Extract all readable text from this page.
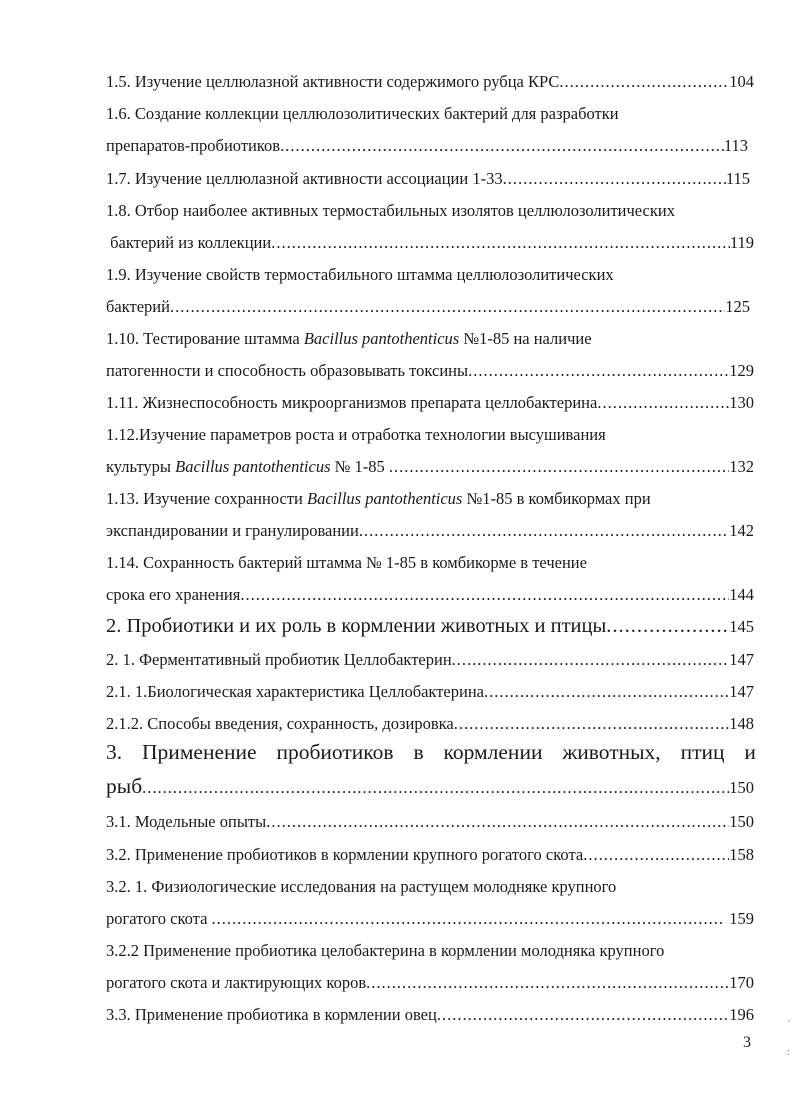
1.5. Изучение целлюлазной активности содержимого рубца КРС .....	104
1.6. Создание коллекции целлюлозолитических бактерий для разработки
препаратов-пробиотиков .....	113
1.7. Изучение целлюлазной активности ассоциации 1-33 .....	115
1.8. Отбор наиболее активных термостабильных изолятов целлюлозолитических
бактерий из коллекции .....	119
1.9. Изучение свойств термостабильного штамма целлюлозолитических
бактерий .....	125
1.10. Тестирование штамма Bacillus pantothenticus №1-85 на наличие
патогенности и способность образовывать токсины .....	129
1.11. Жизнеспособность микроорганизмов препарата целлобактерина .....	130
1.12.Изучение параметров роста и отработка технологии высушивания
культуры Bacillus pantothenticus № 1-85 .....	132
1.13. Изучение сохранности Bacillus pantothenticus №1-85 в комбикормах при
экспандировании и гранулировании .....	142
1.14. Сохранность бактерий штамма № 1-85 в комбикорме в течение
срока его хранения .....	144
2. Пробиотики и их роль в кормлении животных и птицы .....	145
2. 1. Ферментативный пробиотик Целлобактерин .....	147
2.1. 1.Биологическая характеристика Целлобактерина .....	147
2.1.2. Способы введения, сохранность, дозировка .....	148
3. Применение пробиотиков в кормлении животных, птиц и
рыб .....	150
3.1. Модельные опыты .....	150
3.2. Применение пробиотиков в кормлении крупного рогатого скота .....	158
3.2. 1. Физиологические исследования на растущем молодняке крупного
рогатого скота .....	159
3.2.2 Применение пробиотика целобактерина в кормлении молодняка крупного
рогатого скота и лактирующих коров .....	170
3.3. Применение пробиотика в кормлении овец .....	196
3
'
:
